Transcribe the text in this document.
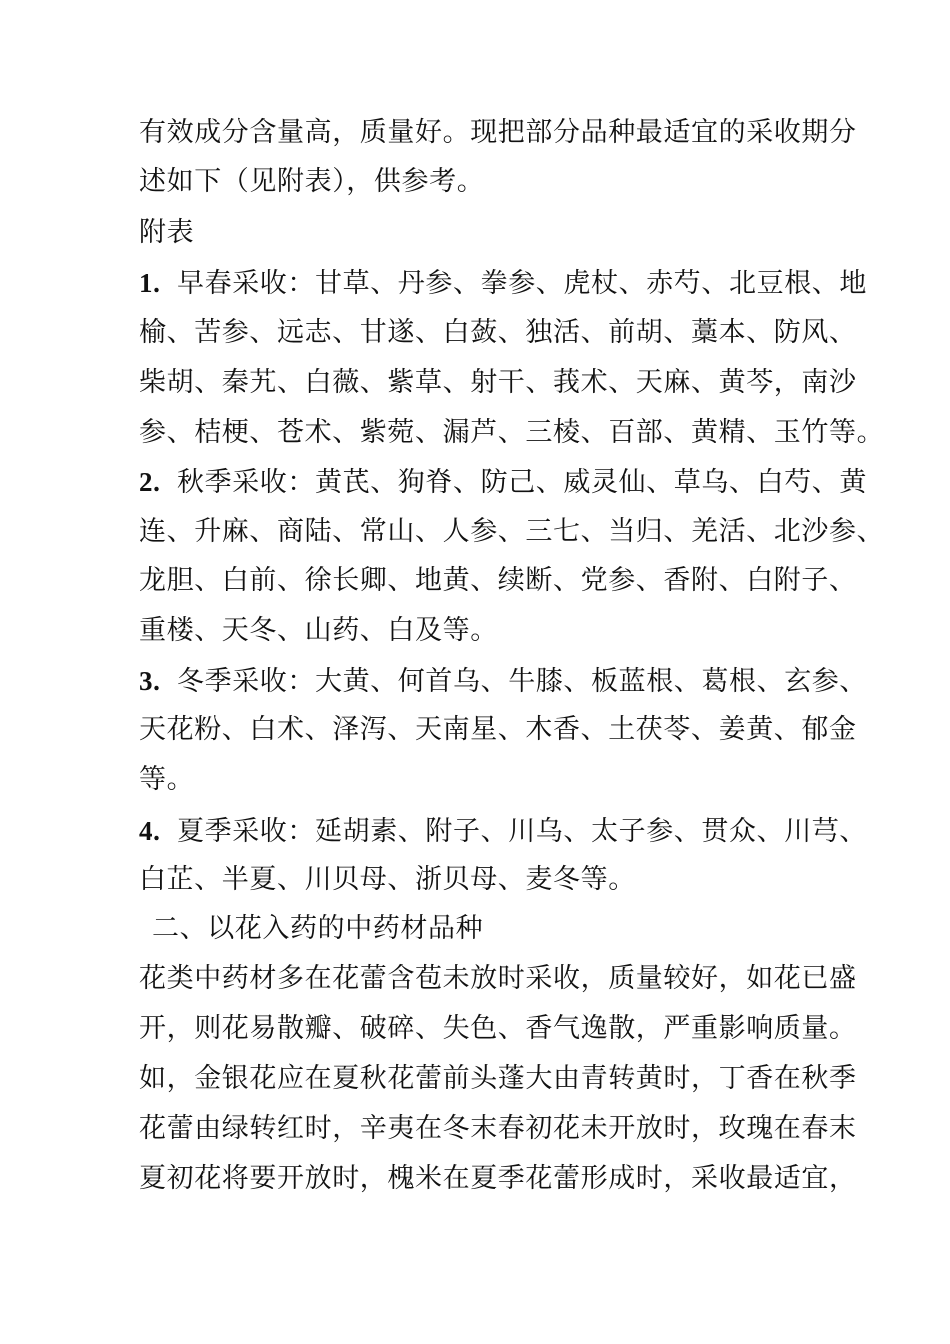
有效成分含量高，质量好。现把部分品种最适宜的采收期分
述如下（见附表），供参考。
附表
1. 早春采收：甘草、丹参、拳参、虎杖、赤芍、北豆根、地
榆、苦参、远志、甘遂、白蔹、独活、前胡、藁本、防风、
柴胡、秦艽、白薇、紫草、射干、莪术、天麻、黄芩，南沙
参、桔梗、苍术、紫菀、漏芦、三棱、百部、黄精、玉竹等。
2. 秋季采收：黄芪、狗脊、防己、威灵仙、草乌、白芍、黄
连、升麻、商陆、常山、人参、三七、当归、羌活、北沙参、
龙胆、白前、徐长卿、地黄、续断、党参、香附、白附子、
重楼、天冬、山药、白及等。
3. 冬季采收：大黄、何首乌、牛膝、板蓝根、葛根、玄参、
天花粉、白术、泽泻、天南星、木香、土茯苓、姜黄、郁金
等。
4. 夏季采收：延胡素、附子、川乌、太子参、贯众、川芎、
白芷、半夏、川贝母、浙贝母、麦冬等。
二、以花入药的中药材品种
花类中药材多在花蕾含苞未放时采收，质量较好，如花已盛
开，则花易散瓣、破碎、失色、香气逸散，严重影响质量。
如，金银花应在夏秋花蕾前头蓬大由青转黄时，丁香在秋季
花蕾由绿转红时，辛夷在冬末春初花未开放时，玫瑰在春末
夏初花将要开放时，槐米在夏季花蕾形成时，采收最适宜，
